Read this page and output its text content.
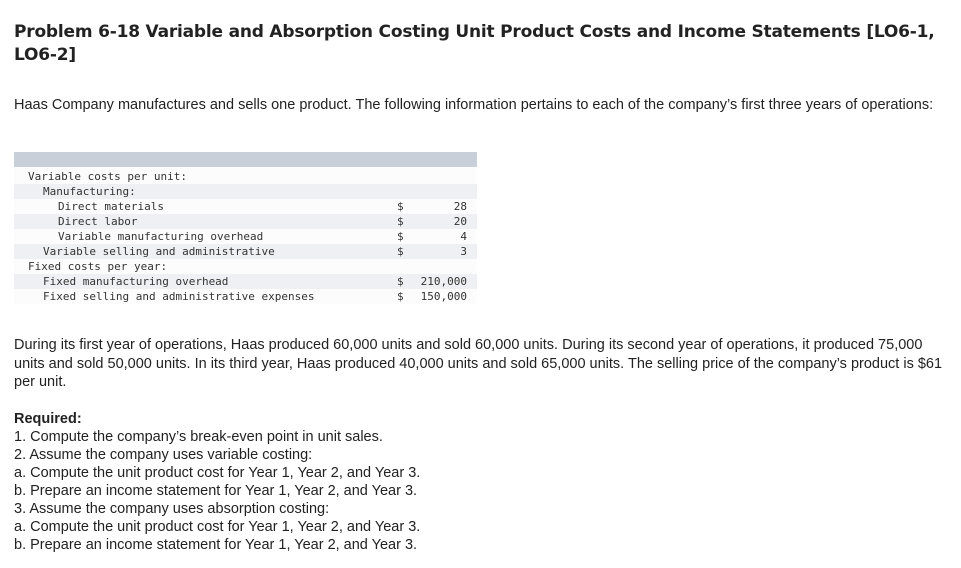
Problem 6-18 Variable and Absorption Costing Unit Product Costs and Income Statements [LO6-1, LO6-2]
Haas Company manufactures and sells one product. The following information pertains to each of the company’s first three years of operations:
Variable costs per unit:
Manufacturing:
Direct materials	$	28
Direct labor	$	20
Variable manufacturing overhead	$	4
Variable selling and administrative	$	3
Fixed costs per year:
Fixed manufacturing overhead	$ 210,000
Fixed selling and administrative expenses	$ 150,000
During its first year of operations, Haas produced 60,000 units and sold 60,000 units. During its second year of operations, it produced 75,000 units and sold 50,000 units. In its third year, Haas produced 40,000 units and sold 65,000 units. The selling price of the company’s product is $61 per unit.
Required:
1. Compute the company’s break-even point in unit sales.
2. Assume the company uses variable costing:
a. Compute the unit product cost for Year 1, Year 2, and Year 3.
b. Prepare an income statement for Year 1, Year 2, and Year 3.
3. Assume the company uses absorption costing:
a. Compute the unit product cost for Year 1, Year 2, and Year 3.
b. Prepare an income statement for Year 1, Year 2, and Year 3.
